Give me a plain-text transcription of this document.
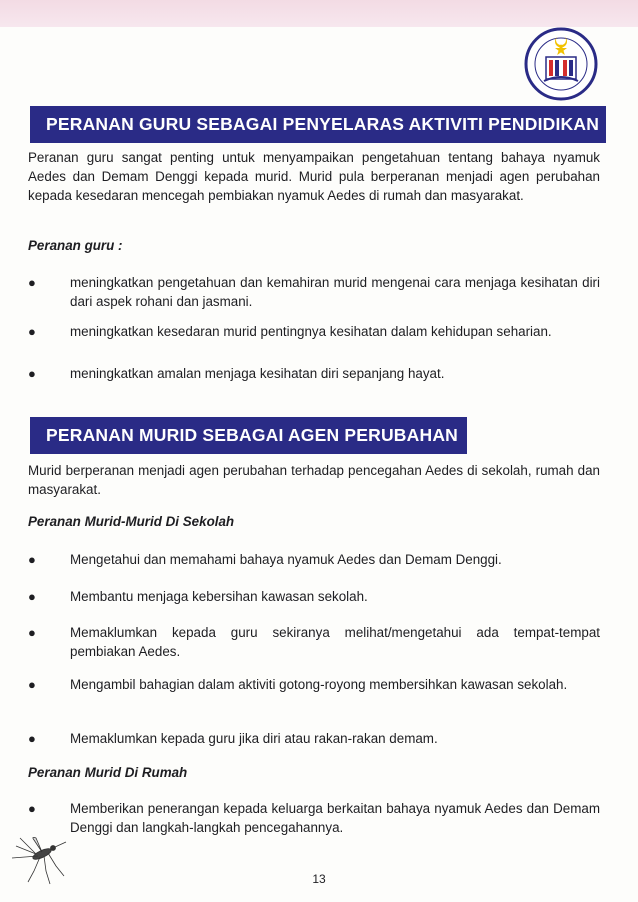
PERANAN GURU SEBAGAI PENYELARAS AKTIVITI PENDIDIKAN

Peranan guru sangat penting untuk menyampaikan pengetahuan tentang bahaya nyamuk Aedes dan Demam Denggi kepada murid. Murid pula berperanan menjadi agen perubahan kepada kesedaran mencegah pembiakan nyamuk Aedes di rumah dan masyarakat.

Peranan guru :

●	meningkatkan pengetahuan dan kemahiran murid mengenai cara menjaga kesihatan diri dari aspek rohani dan jasmani.

●	meningkatkan kesedaran murid pentingnya kesihatan dalam kehidupan seharian.

●	meningkatkan amalan menjaga kesihatan diri sepanjang hayat.

PERANAN MURID SEBAGAI AGEN PERUBAHAN

Murid berperanan menjadi agen perubahan terhadap pencegahan Aedes di sekolah, rumah dan masyarakat.

Peranan Murid-Murid Di Sekolah

●	Mengetahui dan memahami bahaya nyamuk Aedes dan Demam Denggi.

●	Membantu menjaga kebersihan kawasan sekolah.

●	Memaklumkan kepada guru sekiranya melihat/mengetahui ada tempat-tempat pembiakan Aedes.

●	Mengambil bahagian dalam aktiviti gotong-royong membersihkan kawasan sekolah.

●	Memaklumkan kepada guru jika diri atau rakan-rakan demam.

Peranan Murid Di Rumah

●	Memberikan penerangan kepada keluarga berkaitan bahaya nyamuk Aedes dan Demam Denggi dan langkah-langkah pencegahannya.

13
